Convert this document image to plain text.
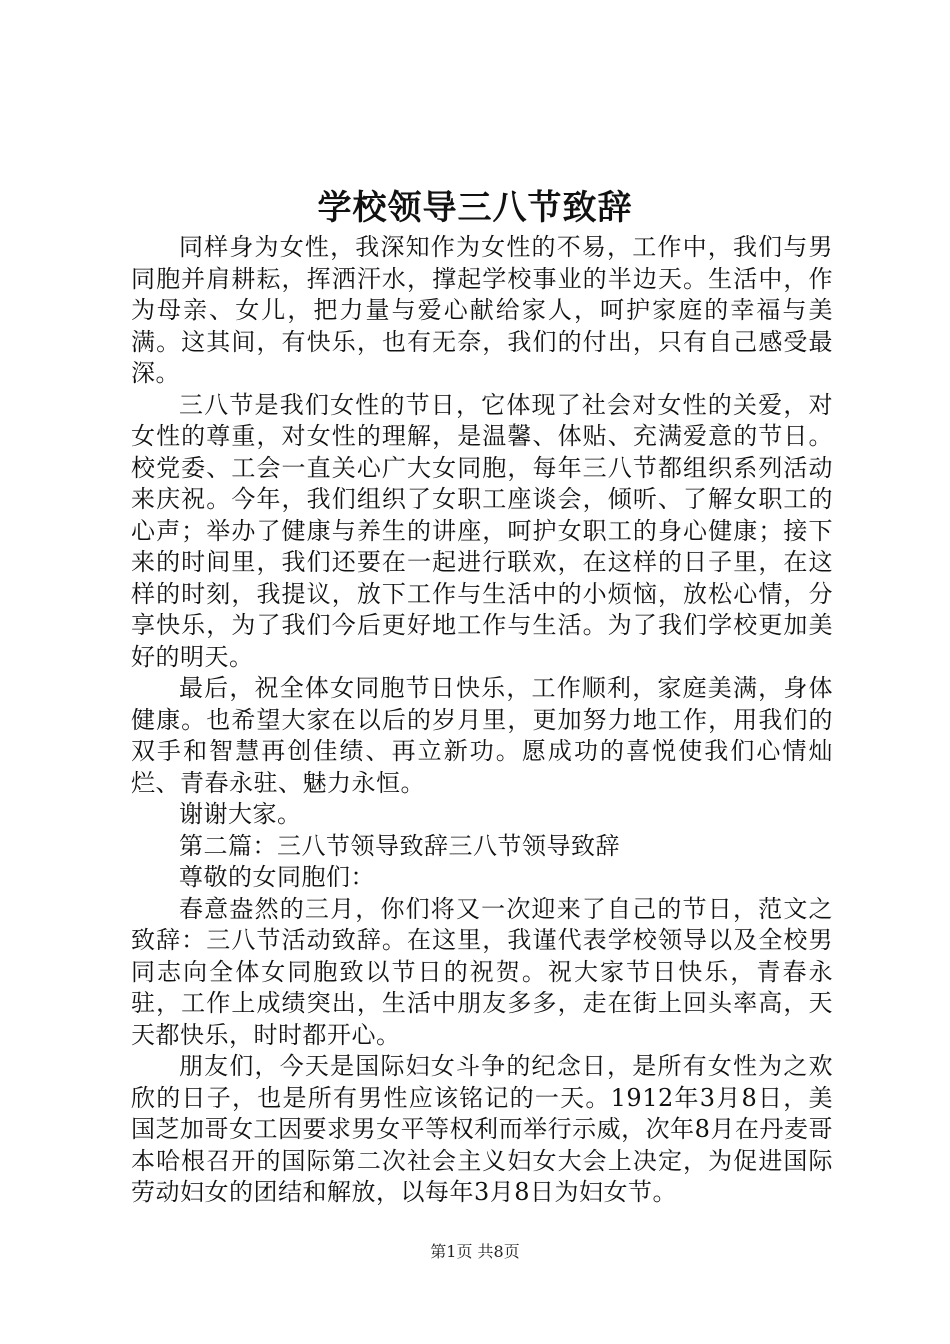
学校领导三八节致辞

同样身为女性，我深知作为女性的不易，工作中，我们与男同胞并肩耕耘，挥洒汗水，撑起学校事业的半边天。生活中，作为母亲、女儿，把力量与爱心献给家人，呵护家庭的幸福与美满。这其间，有快乐，也有无奈，我们的付出，只有自己感受最深。

三八节是我们女性的节日，它体现了社会对女性的关爱，对女性的尊重，对女性的理解，是温馨、体贴、充满爱意的节日。校党委、工会一直关心广大女同胞，每年三八节都组织系列活动来庆祝。今年，我们组织了女职工座谈会，倾听、了解女职工的心声；举办了健康与养生的讲座，呵护女职工的身心健康；接下来的时间里，我们还要在一起进行联欢，在这样的日子里，在这样的时刻，我提议，放下工作与生活中的小烦恼，放松心情，分享快乐，为了我们今后更好地工作与生活。为了我们学校更加美好的明天。

最后，祝全体女同胞节日快乐，工作顺利，家庭美满，身体健康。也希望大家在以后的岁月里，更加努力地工作，用我们的双手和智慧再创佳绩、再立新功。愿成功的喜悦使我们心情灿烂、青春永驻、魅力永恒。

谢谢大家。

第二篇：三八节领导致辞三八节领导致辞

尊敬的女同胞们：

春意盎然的三月，你们将又一次迎来了自己的节日，范文之致辞：三八节活动致辞。在这里，我谨代表学校领导以及全校男同志向全体女同胞致以节日的祝贺。祝大家节日快乐，青春永驻，工作上成绩突出，生活中朋友多多，走在街上回头率高，天天都快乐，时时都开心。

朋友们，今天是国际妇女斗争的纪念日，是所有女性为之欢欣的日子，也是所有男性应该铭记的一天。1912年3月8日，美国芝加哥女工因要求男女平等权利而举行示威，次年8月在丹麦哥本哈根召开的国际第二次社会主义妇女大会上决定，为促进国际劳动妇女的团结和解放，以每年3月8日为妇女节。

第1页 共8页
